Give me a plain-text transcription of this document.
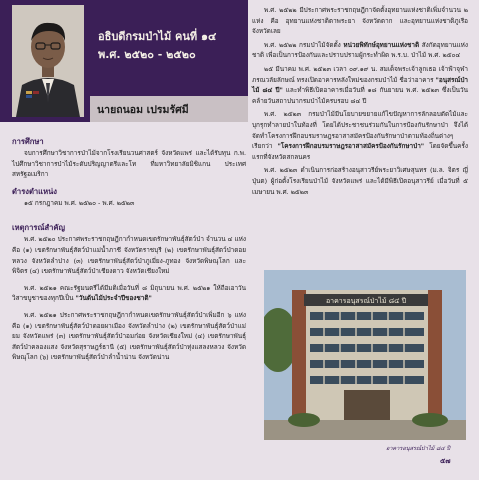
อธิบดีกรมป่าไม้ คนที่ ๑๔
พ.ศ. ๒๕๒๐ - ๒๕๒๐
นายถนอม เปรมรัศมี
การศึกษา

จบการศึกษาวิชาการป่าไม้จากโรงเรียนวนศาสตร์ จังหวัดแพร่ และได้รับทุน ก.พ. ไปศึกษาวิชาการป่าไม้ระดับปริญญาตรีและโท ที่มหาวิทยาลัยมิชิแกน ประเทศสหรัฐอเมริกา

ดำรงตำแหน่ง

๑๕ กรกฎาคม พ.ศ. ๒๕๒๐ - พ.ศ. ๒๕๒๓

เหตุการณ์สำคัญ

พ.ศ. ๒๕๒๐ ประกาศพระราชกฤษฎีกากำหนดเขตรักษาพันธุ์สัตว์ป่า จำนวน ๔ แห่ง คือ (๑) เขตรักษาพันธุ์สัตว์ป่าแม่น้ำภาชี จังหวัดราชบุรี (๒) เขตรักษาพันธุ์สัตว์ป่าดอยหลวง จังหวัดลำปาง (๓) เขตรักษาพันธุ์สัตว์ป่าภูเมี่ยง-ภูทอง จังหวัดพิษณุโลก และพิจิตร (๔) เขตรักษาพันธุ์สัตว์ป่าเชียงดาว จังหวัดเชียงใหม่

พ.ศ. ๒๕๒๑ คณะรัฐมนตรีได้มีมติเมื่อวันที่ ๘ มิถุนายน พ.ศ. ๒๕๒๑ ให้ถือเอาวันวิสาขบูชาของทุกปีเป็น "วันต้นไม้ประจำปีของชาติ"

พ.ศ. ๒๕๒๑ ประกาศพระราชกฤษฎีกากำหนดเขตรักษาพันธุ์สัตว์ป่าเพิ่มอีก ๖ แห่ง คือ (๑) เขตรักษาพันธุ์สัตว์ป่าดอยผาเมือง จังหวัดลำปาง (๒) เขตรักษาพันธุ์สัตว์ป่าแม่ยม จังหวัดแพร่ (๓) เขตรักษาพันธุ์สัตว์ป่าอมก๋อย จังหวัดเชียงใหม่ (๔) เขตรักษาพันธุ์สัตว์ป่าคลองแสง จังหวัดสุราษฎร์ธานี (๕) เขตรักษาพันธุ์สัตว์ป่าทุ่งแสลงหลวง จังหวัดพิษณุโลก (๖) เขตรักษาพันธุ์สัตว์ป่าลำน้ำน่าน จังหวัดน่าน

พ.ศ. ๒๕๒๒ มีประกาศพระราชกฤษฎีกาจัดตั้งอุทยานแห่งชาติเพิ่มจำนวน ๒ แห่ง คือ อุทยานแห่งชาติตาพระยา จังหวัดตาก และอุทยานแห่งชาติภูเรือ จังหวัดเลย

พ.ศ. ๒๕๒๒ กรมป่าไม้จัดตั้ง หน่วยพิทักษ์อุทยานแห่งชาติ สังกัดอุทยานแห่งชาติ เพื่อเป็นการป้องกันและปราบปรามผู้กระทำผิด พ.ร.บ. ป่าไม้ พ.ศ. ๒๕๐๔

๒๕ มีนาคม พ.ศ. ๒๕๒๓ เวลา ๐๙.๑๙ น. สมเด็จพระเจ้าลูกเธอ เจ้าฟ้าจุฬาภรณวลัยลักษณ์ ทรงเปิดอาคารหลังใหม่ของกรมป่าไม้ ชื่อว่าอาคาร "อนุสรณ์ป่าไม้ ๘๔ ปี" และทำพิธีเปิดอาคารเมื่อวันที่ ๑๘ กันยายน พ.ศ. ๒๕๒๓ ซึ่งเป็นวันคล้ายวันสถาปนากรมป่าไม้ครบรอบ ๘๔ ปี

พ.ศ. ๒๕๒๓ กรมป่าไม้มีนโยบายขยายแก้ไขปัญหาการลักลอบตัดไม้และบุกรุกทำลายป่าในท้องที่ โดยได้ประชาชนร่วมกันในการป้องกันรักษาป่า จึงได้จัดทำโครงการฝึกอบรมราษฎรอาสาสมัครป้องกันรักษาป่าตามท้องถิ่นต่างๆ เรียกว่า "โครงการฝึกอบรมราษฎรอาสาสมัครป้องกันรักษาป่า" โดยจัดขึ้นครั้งแรกที่จังหวัดสกลนคร

พ.ศ. ๒๕๒๓ ดำเนินการก่อสร้างอนุสาวรีย์พระยาวิเศษสุนทร (ม.ล. จิตร ญี่ปุ่นต) ผู้ก่อตั้งโรงเรียนป่าไม้ จังหวัดแพร่ และได้มีพิธีเปิดอนุสาวรีย์ เมื่อวันที่ ๕ เมษายน พ.ศ. ๒๕๒๓

อาคารอนุสรณ์ป่าไม้ ๘๔ ปี
อาคารอนุสรณ์ป่าไม้ ๘๔ ปี
๕๗
